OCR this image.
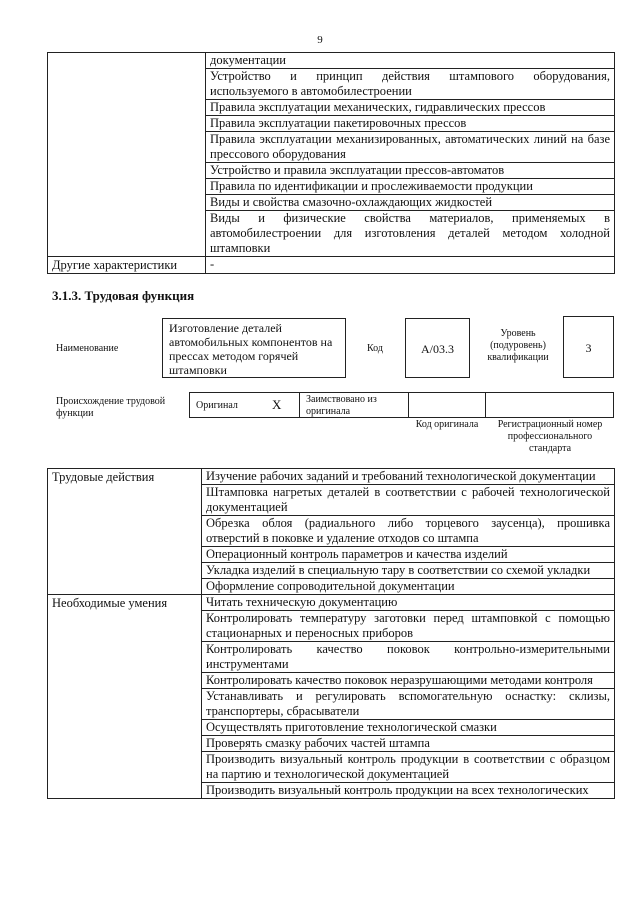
9
	документации
	Устройство и принцип действия штампового оборудования, используемого в автомобилестроении
	Правила эксплуатации механических, гидравлических прессов
	Правила эксплуатации пакетировочных прессов
	Правила эксплуатации механизированных, автоматических линий на базе прессового оборудования
	Устройство и правила эксплуатации прессов-автоматов
	Правила по идентификации и прослеживаемости продукции
	Виды и свойства смазочно-охлаждающих жидкостей
	Виды и физические свойства материалов, применяемых в автомобилестроении для изготовления деталей методом холодной штамповки
Другие характеристики	-
3.1.3. Трудовая функция
Наименование
Изготовление деталей автомобильных компонентов на прессах методом горячей штамповки
Код	A/03.3
Уровень (подуровень) квалификации
3
Происхождение трудовой функции
Оригинал	X Заимствовано из оригинала
Код оригинала	Регистрационный номер профессионального стандарта
Трудовые действия	Изучение рабочих заданий и требований технологической документации
	Штамповка нагретых деталей в соответствии с рабочей технологической документацией
	Обрезка облоя (радиального либо торцевого заусенца), прошивка отверстий в поковке и удаление отходов со штампа
	Операционный контроль параметров и качества изделий
	Укладка изделий в специальную тару в соответствии со схемой укладки
	Оформление сопроводительной документации
Необходимые умения	Читать техническую документацию
	Контролировать температуру заготовки перед штамповкой с помощью стационарных и переносных приборов
	Контролировать качество поковок контрольно-измерительными инструментами
	Контролировать качество поковок неразрушающими методами контроля
	Устанавливать и регулировать вспомогательную оснастку: склизы, транспортеры, сбрасыватели
	Осуществлять приготовление технологической смазки
	Проверять смазку рабочих частей штампа
	Производить визуальный контроль продукции в соответствии с образцом на партию и технологической документацией
	Производить визуальный контроль продукции на всех технологических
